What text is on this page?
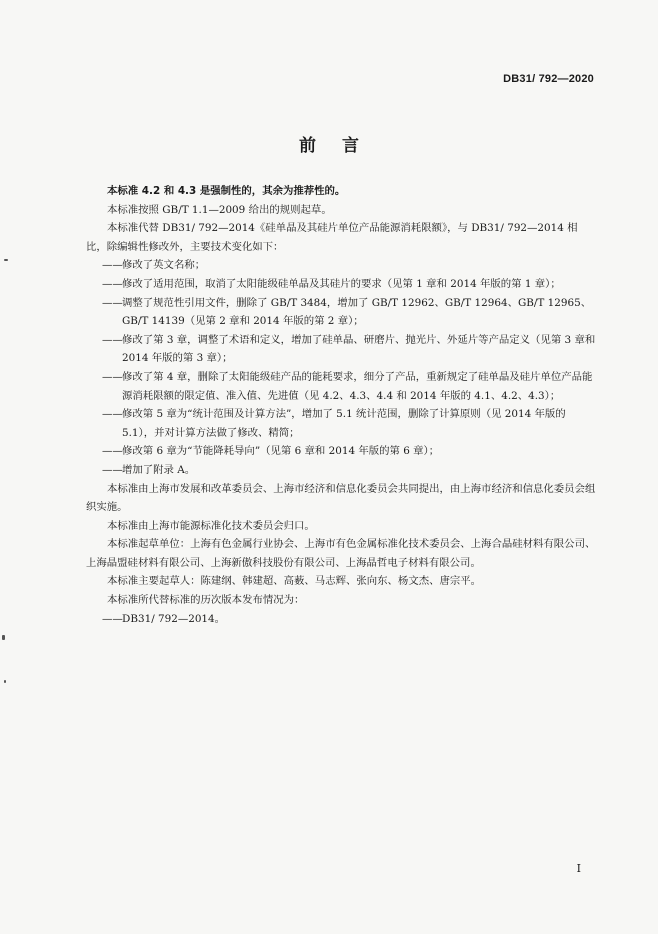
DB31/ 792—2020
前言

本标准 4.2 和 4.3 是强制性的，其余为推荐性的。

本标准按照 GB/T 1.1—2009 给出的规则起草。

本标准代替 DB31/ 792—2014《硅单晶及其硅片单位产品能源消耗限额》，与 DB31/ 792—2014 相比，除编辑性修改外，主要技术变化如下：

——修改了英文名称；

——修改了适用范围，取消了太阳能级硅单晶及其硅片的要求（见第 1 章和 2014 年版的第 1 章）；

——调整了规范性引用文件，删除了 GB/T 3484，增加了 GB/T 12962、GB/T 12964、GB/T 12965、GB/T 14139（见第 2 章和 2014 年版的第 2 章）；

——修改了第 3 章，调整了术语和定义，增加了硅单晶、研磨片、抛光片、外延片等产品定义（见第 3 章和 2014 年版的第 3 章）；

——修改了第 4 章，删除了太阳能级硅产品的能耗要求，细分了产品，重新规定了硅单晶及硅片单位产品能源消耗限额的限定值、准入值、先进值（见 4.2、4.3、4.4 和 2014 年版的 4.1、4.2、4.3）；

——修改第 5 章为“统计范围及计算方法”，增加了 5.1 统计范围，删除了计算原则（见 2014 年版的 5.1），并对计算方法做了修改、精简；

——修改第 6 章为“节能降耗导向”（见第 6 章和 2014 年版的第 6 章）；

——增加了附录 A。

本标准由上海市发展和改革委员会、上海市经济和信息化委员会共同提出，由上海市经济和信息化委员会组织实施。

本标准由上海市能源标准化技术委员会归口。

本标准起草单位：上海有色金属行业协会、上海市有色金属标准化技术委员会、上海合晶硅材料有限公司、上海晶盟硅材料有限公司、上海新傲科技股份有限公司、上海晶哲电子材料有限公司。

本标准主要起草人：陈建纲、韩建超、高薮、马志辉、张向东、杨文杰、唐宗平。

本标准所代替标准的历次版本发布情况为：

——DB31/ 792—2014。

I
